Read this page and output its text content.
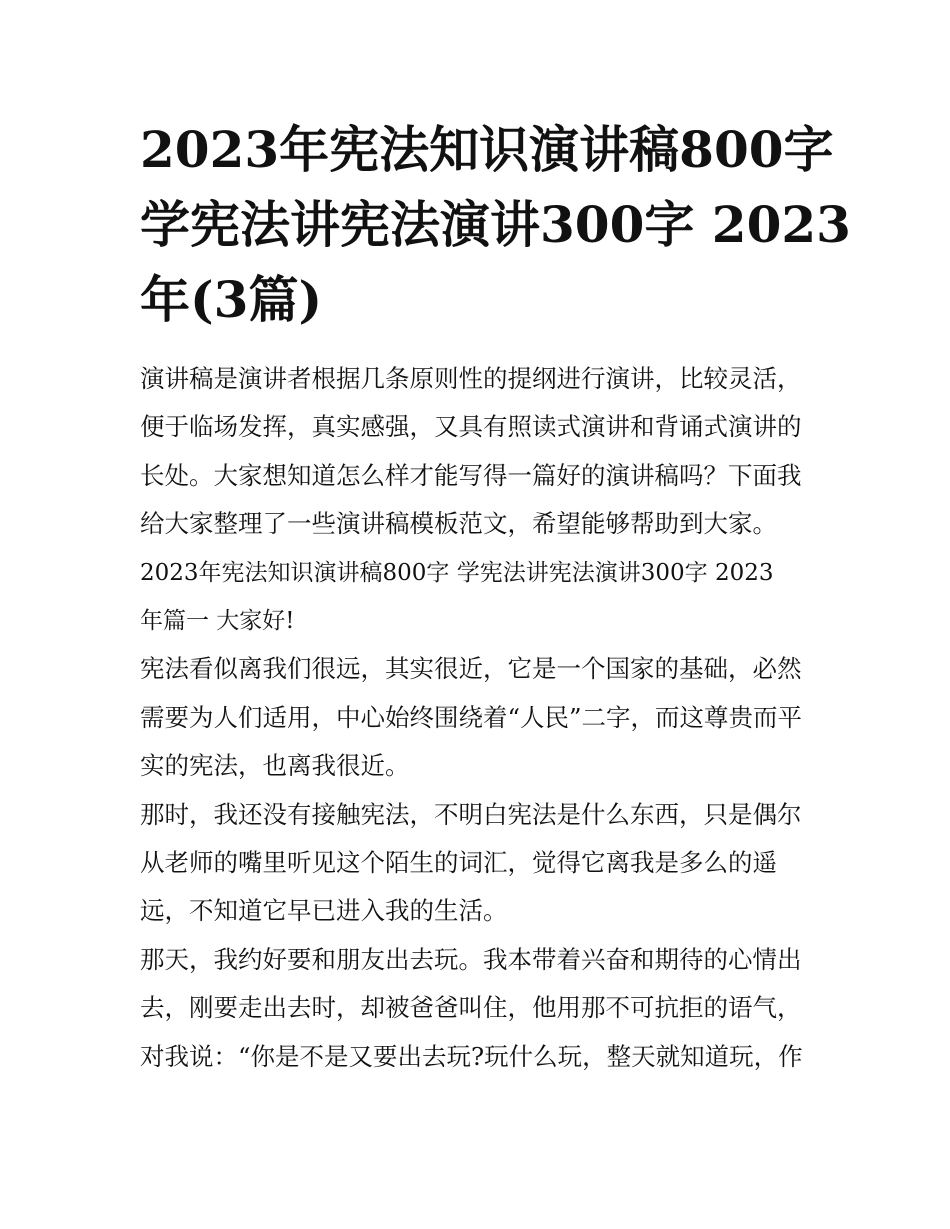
2023年宪法知识演讲稿800字
学宪法讲宪法演讲300字 2023
年(3篇)

演讲稿是演讲者根据几条原则性的提纲进行演讲，比较灵活，
便于临场发挥，真实感强，又具有照读式演讲和背诵式演讲的
长处。大家想知道怎么样才能写得一篇好的演讲稿吗？下面我
给大家整理了一些演讲稿模板范文，希望能够帮助到大家。

2023年宪法知识演讲稿800字 学宪法讲宪法演讲300字 2023
年篇一 大家好!

宪法看似离我们很远，其实很近，它是一个国家的基础，必然
需要为人们适用，中心始终围绕着“人民”二字，而这尊贵而平
实的宪法，也离我很近。

那时，我还没有接触宪法，不明白宪法是什么东西，只是偶尔
从老师的嘴里听见这个陌生的词汇，觉得它离我是多么的遥
远，不知道它早已进入我的生活。

那天，我约好要和朋友出去玩。我本带着兴奋和期待的心情出
去，刚要走出去时，却被爸爸叫住，他用那不可抗拒的语气，
对我说：“你是不是又要出去玩?玩什么玩，整天就知道玩，作
